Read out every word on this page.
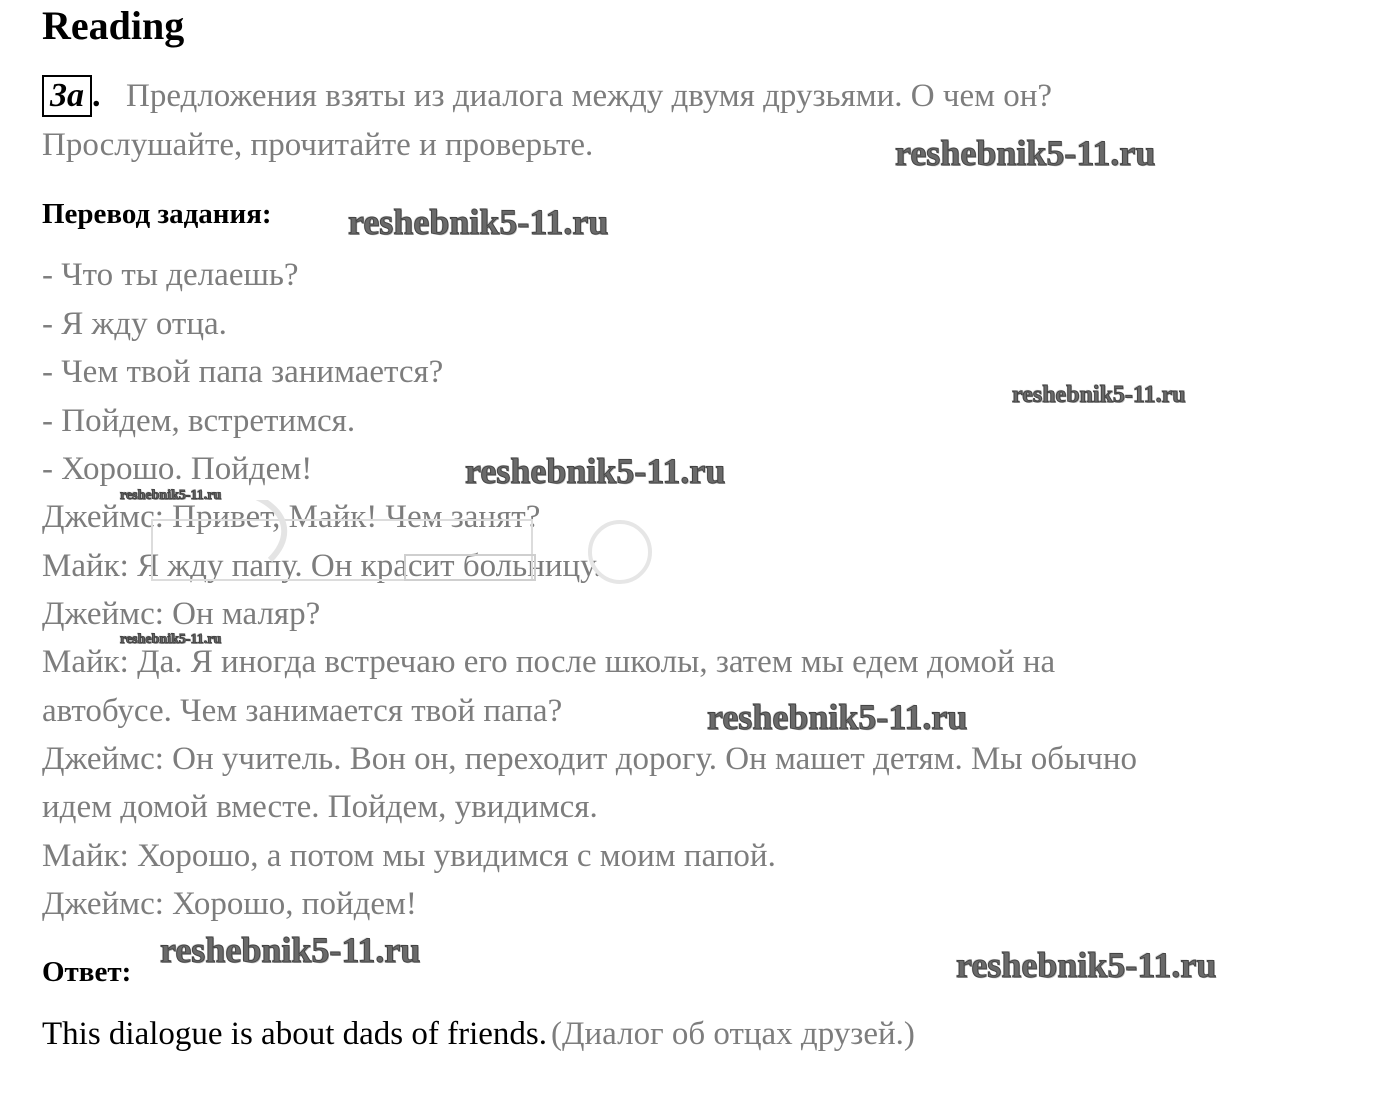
Reading
3a . Предложения взяты из диалога между двумя друзьями. О чем он?
Прослушайте, прочитайте и проверьте.
Перевод задания:
- Что ты делаешь?
- Я жду отца.
- Чем твой папа занимается?
- Пойдем, встретимся.
- Хорошо. Пойдем!
Джеймс: Привет, Майк! Чем занят?
Майк: Я жду папу. Он красит больницу.
Джеймс: Он маляр?
Майк: Да. Я иногда встречаю его после школы, затем мы едем домой на
автобусе. Чем занимается твой папа?
Джеймс: Он учитель. Вон он, переходит дорогу. Он машет детям. Мы обычно
идем домой вместе. Пойдем, увидимся.
Майк: Хорошо, а потом мы увидимся с моим папой.
Джеймс: Хорошо, пойдем!
Ответ:
This dialogue is about dads of friends. (Диалог об отцах друзей.)
reshebnik5-11.ru
reshebnik5-11.ru
reshebnik5-11.ru
reshebnik5-11.ru
reshebnik5-11.ru
reshebnik5-11.ru
reshebnik5-11.ru
reshebnik5-11.ru	reshebnik5-11.ru
